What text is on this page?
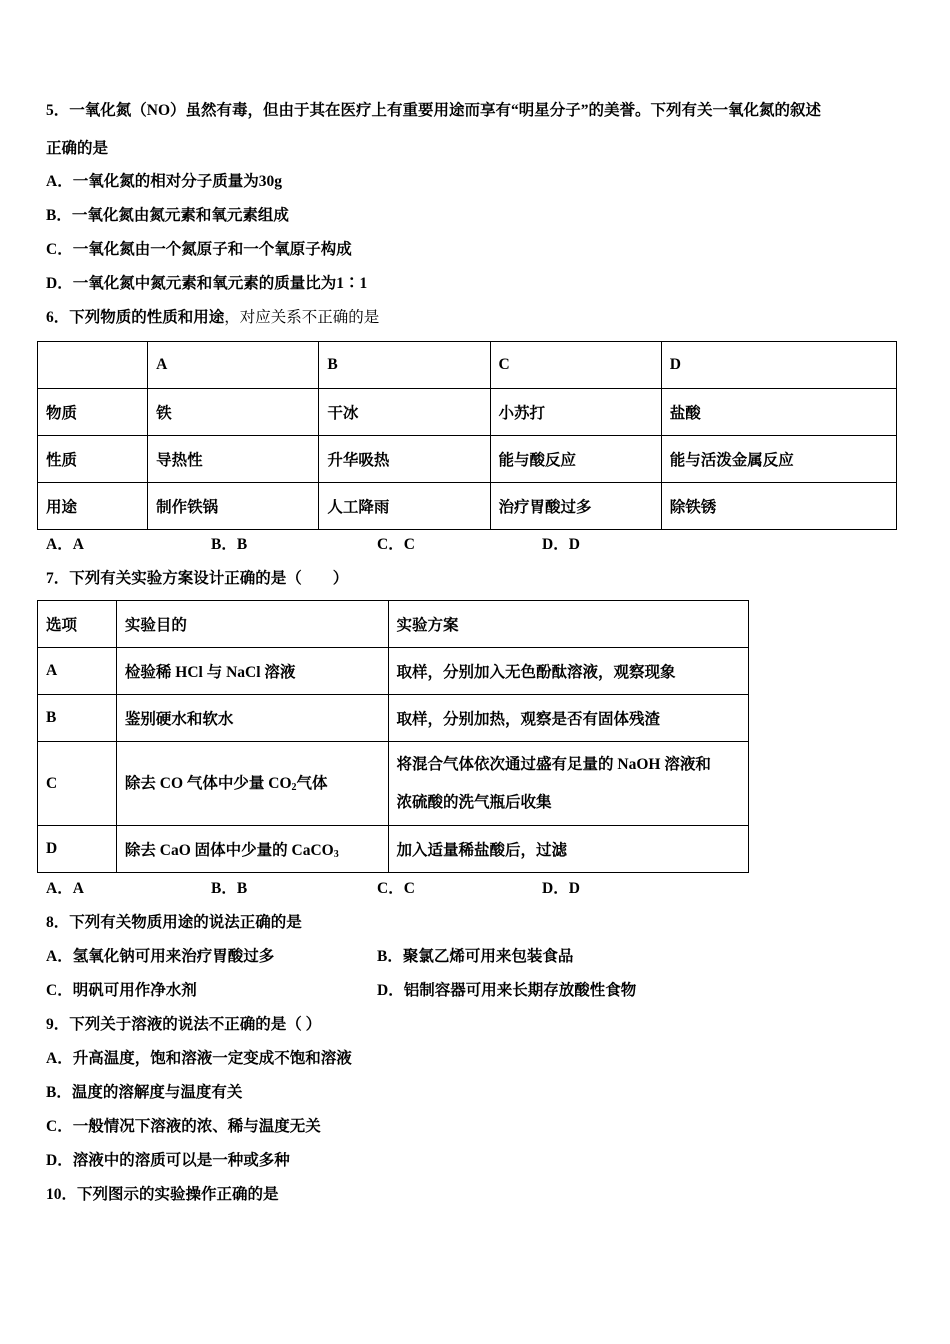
5．一氧化氮（NO）虽然有毒，但由于其在医疗上有重要用途而享有“明星分子”的美誉。下列有关一氧化氮的叙述
正确的是
A．一氧化氮的相对分子质量为30g
B．一氧化氮由氮元素和氧元素组成
C．一氧化氮由一个氮原子和一个氧原子构成
D．一氧化氮中氮元素和氧元素的质量比为1∶1
6．下列物质的性质和用途，对应关系不正确的是
	A	B	C	D
物质	铁	干冰	小苏打	盐酸
性质	导热性	升华吸热	能与酸反应	能与活泼金属反应
用途	制作铁锅	人工降雨	治疗胃酸过多	除铁锈
A．A	B．B	C．C	D．D
7．下列有关实验方案设计正确的是（　　）
选项	实验目的	实验方案
A	检验稀 HCl 与 NaCl 溶液	取样，分别加入无色酚酞溶液，观察现象
B	鉴别硬水和软水	取样，分别加热，观察是否有固体残渣
C	除去 CO 气体中少量 $CO_2$气体	将混合气体依次通过盛有足量的 NaOH 溶液和
浓硫酸的洗气瓶后收集

D	除去 CaO 固体中少量的 CaCO$_3$	加入适量稀盐酸后，过滤
A．A	B．B	C．C	D．D
8．下列有关物质用途的说法正确的是
A．氢氧化钠可用来治疗胃酸过多	B．聚氯乙烯可用来包装食品
C．明矾可用作净水剂	D．铝制容器可用来长期存放酸性食物
9．下列关于溶液的说法不正确的是（ ）
A．升高温度，饱和溶液一定变成不饱和溶液
B．温度的溶解度与温度有关
C．一般情况下溶液的浓、稀与温度无关
D．溶液中的溶质可以是一种或多种
10．下列图示的实验操作正确的是
